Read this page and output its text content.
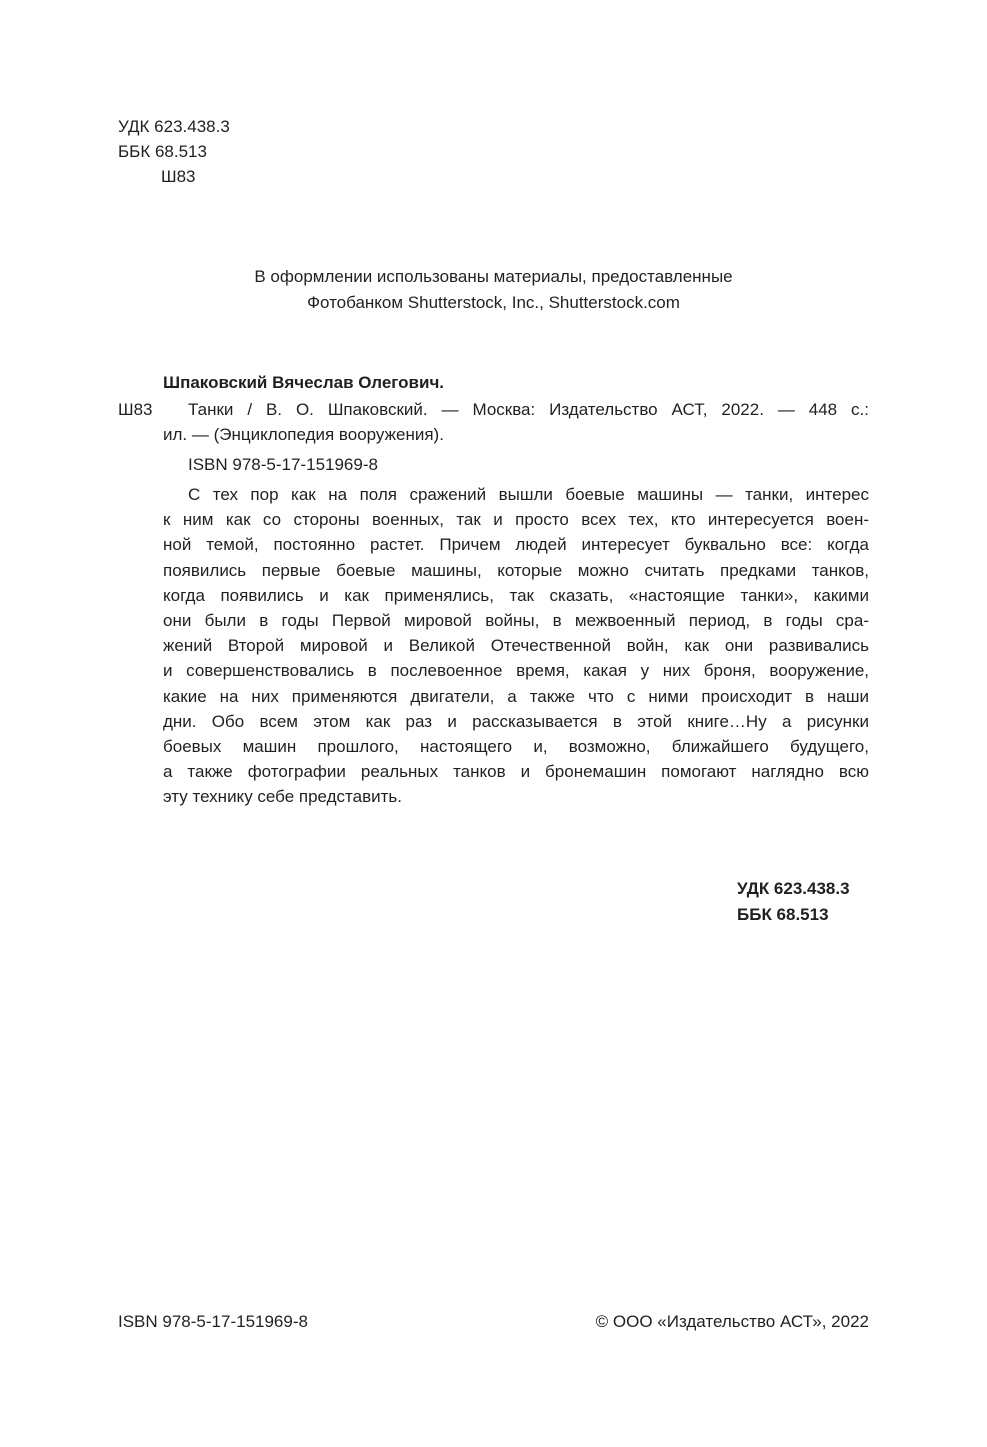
УДК 623.438.3
ББК 68.513
Ш83
В оформлении использованы материалы, предоставленные
Фотобанком Shutterstock, Inc., Shutterstock.com
Шпаковский Вячеслав Олегович.
Ш83	Танки / В. О. Шпаковский. — Москва: Издательство АСТ, 2022. — 448 с.:
ил. — (Энциклопедия вооружения).
ISBN 978-5-17-151969-8
С тех пор как на поля сражений вышли боевые машины — танки, интерес
к ним как со стороны военных, так и просто всех тех, кто интересуется воен-
ной темой, постоянно растет. Причем людей интересует буквально все: когда
появились первые боевые машины, которые можно считать предками танков,
когда появились и как применялись, так сказать, «настоящие танки», какими
они были в годы Первой мировой войны, в межвоенный период, в годы сра-
жений Второй мировой и Великой Отечественной войн, как они развивались
и совершенствовались в послевоенное время, какая у них броня, вооружение,
какие на них применяются двигатели, а также что с ними происходит в наши
дни. Обо всем этом как раз и рассказывается в этой книге…Ну а рисунки
боевых машин прошлого, настоящего и, возможно, ближайшего будущего,
а также фотографии реальных танков и бронемашин помогают наглядно всю
эту технику себе представить.
УДК 623.438.3
ББК 68.513
ISBN 978-5-17-151969-8	© ООО «Издательство АСТ», 2022
